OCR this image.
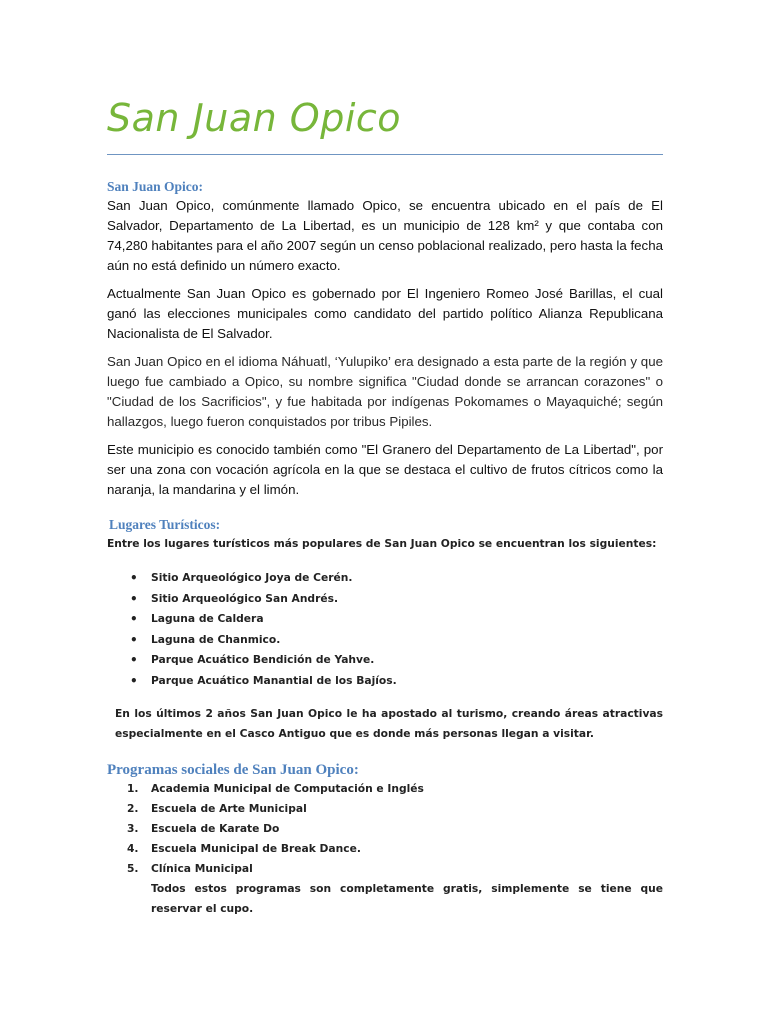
San Juan Opico
San Juan Opico:

San Juan Opico, comúnmente llamado Opico, se encuentra ubicado en el país de El Salvador, Departamento de La Libertad, es un municipio de 128 km² y que contaba con 74,280 habitantes para el año 2007 según un censo poblacional realizado, pero hasta la fecha aún no está definido un número exacto.

Actualmente San Juan Opico es gobernado por El Ingeniero Romeo José Barillas, el cual ganó las elecciones municipales como candidato del partido político Alianza Republicana Nacionalista de El Salvador.

San Juan Opico en el idioma Náhuatl, ‘Yulupiko’ era designado a esta parte de la región y que luego fue cambiado a Opico, su nombre significa "Ciudad donde se arrancan corazones" o "Ciudad de los Sacrificios", y fue habitada por indígenas Pokomames o Mayaquiché; según hallazgos, luego fueron conquistados por tribus Pipiles.

Este municipio es conocido también como "El Granero del Departamento de La Libertad", por ser una zona con vocación agrícola en la que se destaca el cultivo de frutos cítricos como la naranja, la mandarina y el limón.

Lugares Turísticos:

Entre los lugares turísticos más populares de San Juan Opico se encuentran los siguientes:

• Sitio Arqueológico Joya de Cerén.
• Sitio Arqueológico San Andrés.
• Laguna de Caldera
• Laguna de Chanmico.
• Parque Acuático Bendición de Yahve.
• Parque Acuático Manantial de los Bajíos.

En los últimos 2 años San Juan Opico le ha apostado al turismo, creando áreas atractivas especialmente en el Casco Antiguo que es donde más personas llegan a visitar.

Programas sociales de San Juan Opico:
1. Academia Municipal de Computación e Inglés
2. Escuela de Arte Municipal
3. Escuela de Karate Do
4. Escuela Municipal de Break Dance.
5. Clínica Municipal

Todos estos programas son completamente gratis, simplemente se tiene que reservar el cupo.
